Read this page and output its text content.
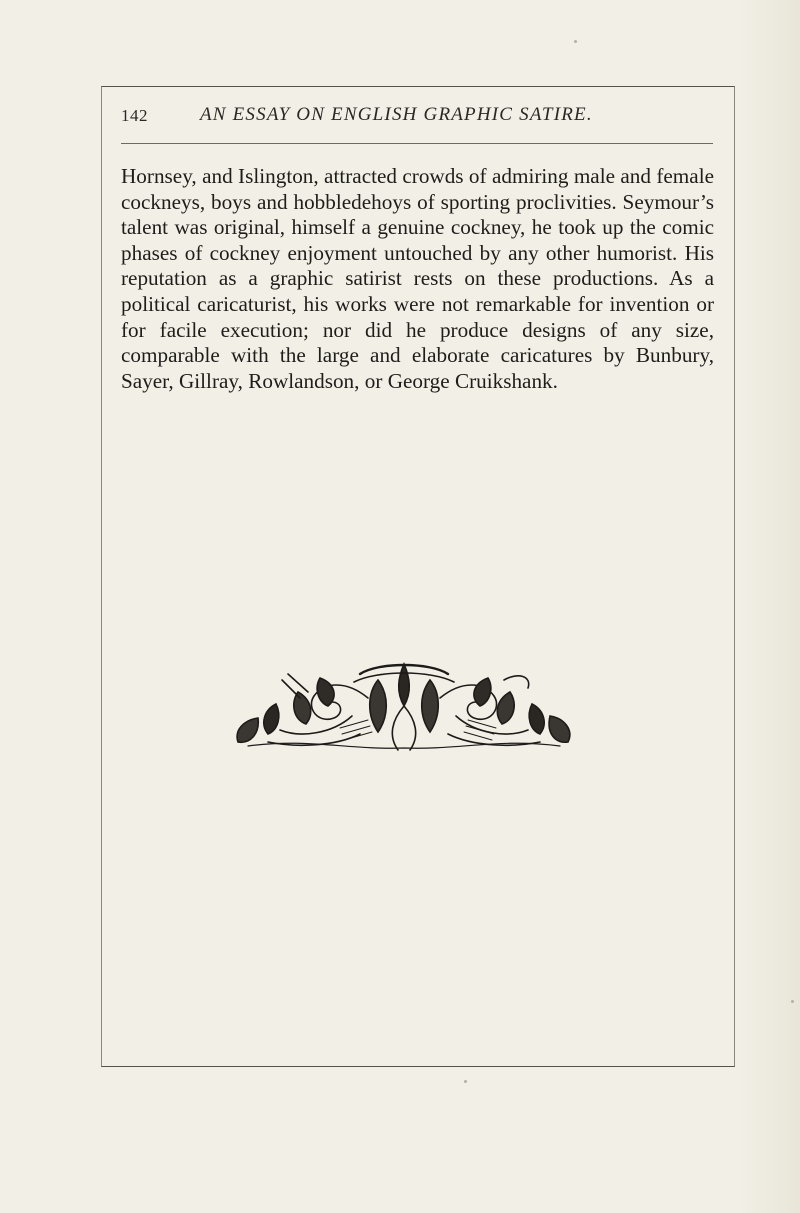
142	AN ESSAY ON ENGLISH GRAPHIC SATIRE.
Hornsey, and Islington, attracted crowds of admiring male and female cockneys, boys and hobbledehoys of sporting proclivities. Seymour’s talent was original, himself a genuine cockney, he took up the comic phases of cockney enjoyment untouched by any other humorist. His reputation as a graphic satirist rests on these productions. As a political caricaturist, his works were not remarkable for invention or for facile execution; nor did he produce designs of any size, comparable with the large and elaborate caricatures by Bunbury, Sayer, Gillray, Rowlandson, or George Cruikshank.
